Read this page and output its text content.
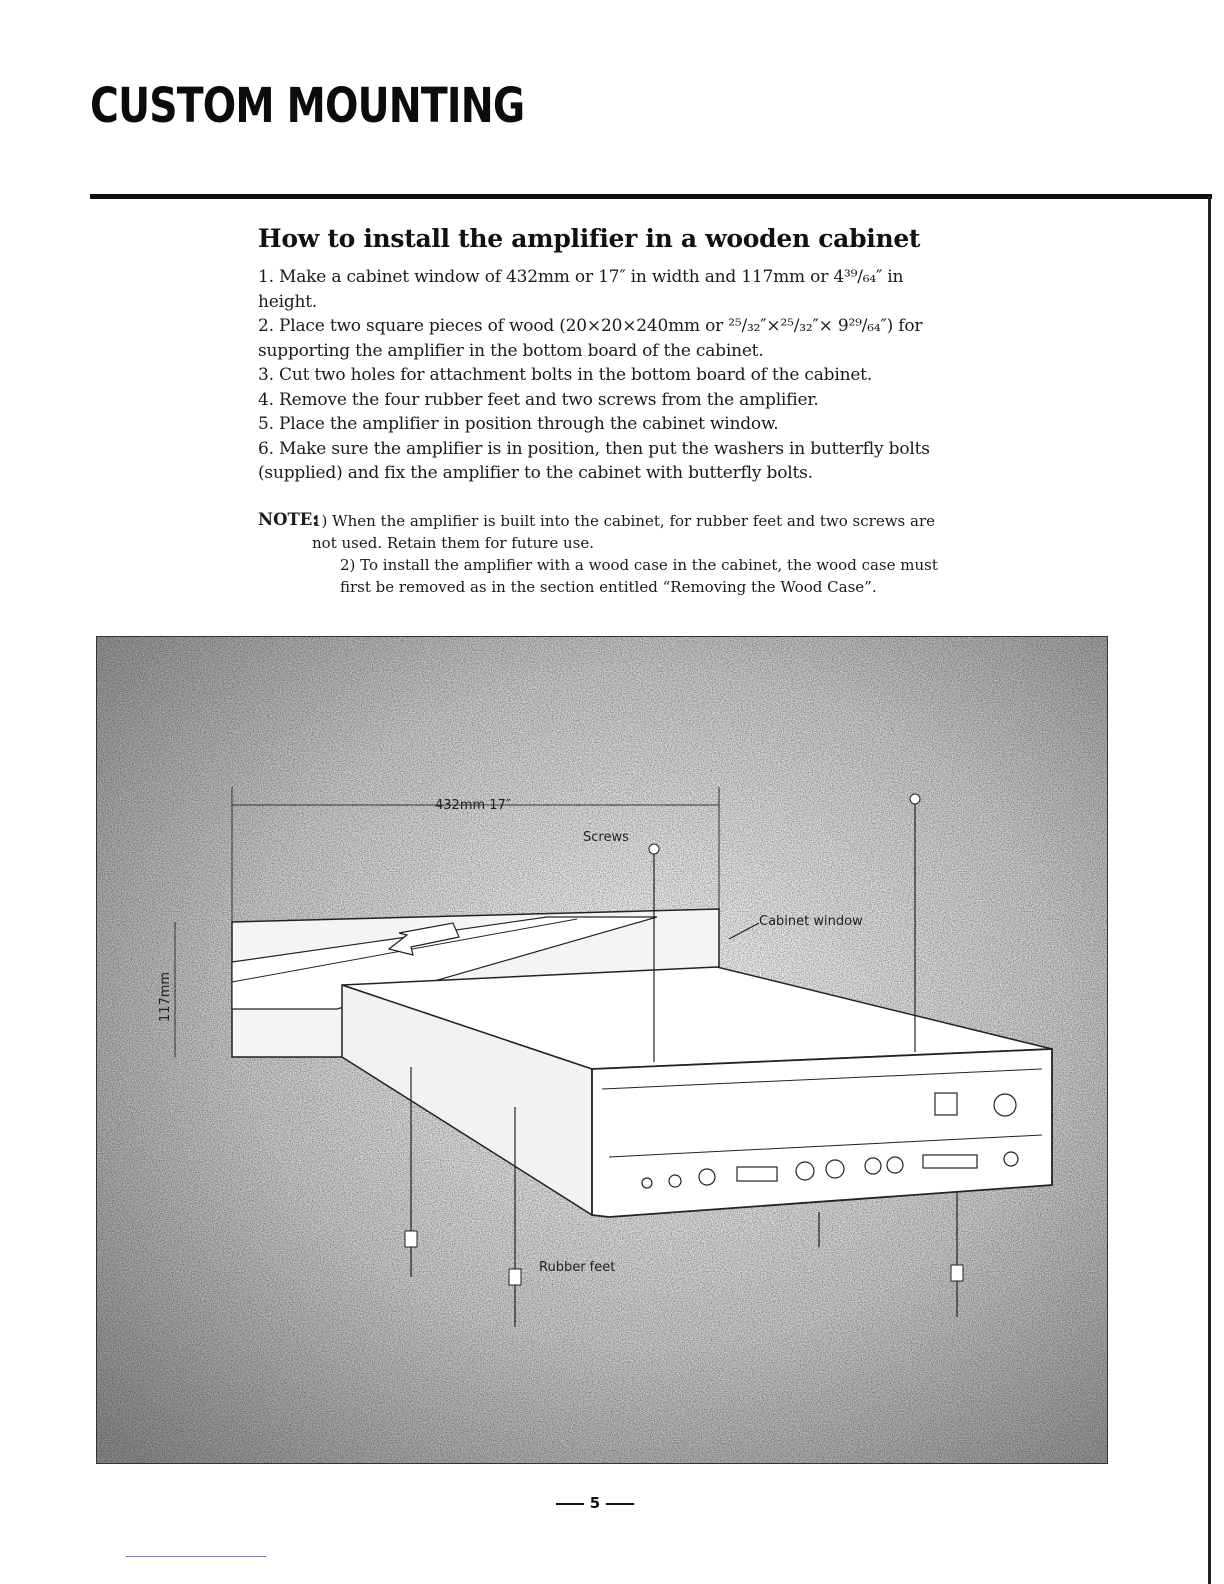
CUSTOM MOUNTING
How to install the amplifier in a wooden cabinet

1. Make a cabinet window of 432mm or 17″ in width and 117mm or 4³⁹/₆₄″ in height.

2. Place two square pieces of wood (20×20×240mm or ²⁵/₃₂″×²⁵/₃₂″× 9²⁹/₆₄″) for supporting the amplifier in the bottom board of the cabinet.

3. Cut two holes for attachment bolts in the bottom board of the cabinet.

4. Remove the four rubber feet and two screws from the amplifier.

5. Place the amplifier in position through the cabinet window.

6. Make sure the amplifier is in position, then put the washers in butterfly bolts (supplied) and fix the amplifier to the cabinet with butterfly bolts.

NOTE:

1) When the amplifier is built into the cabinet, for rubber feet and two screws are not used. Retain them for future use.

2) To install the amplifier with a wood case in the cabinet, the wood case must first be removed as in the section entitled “Removing the Wood Case”.

432mm 17″
117mm
Screws
Cabinet window
Rubber feet
5
